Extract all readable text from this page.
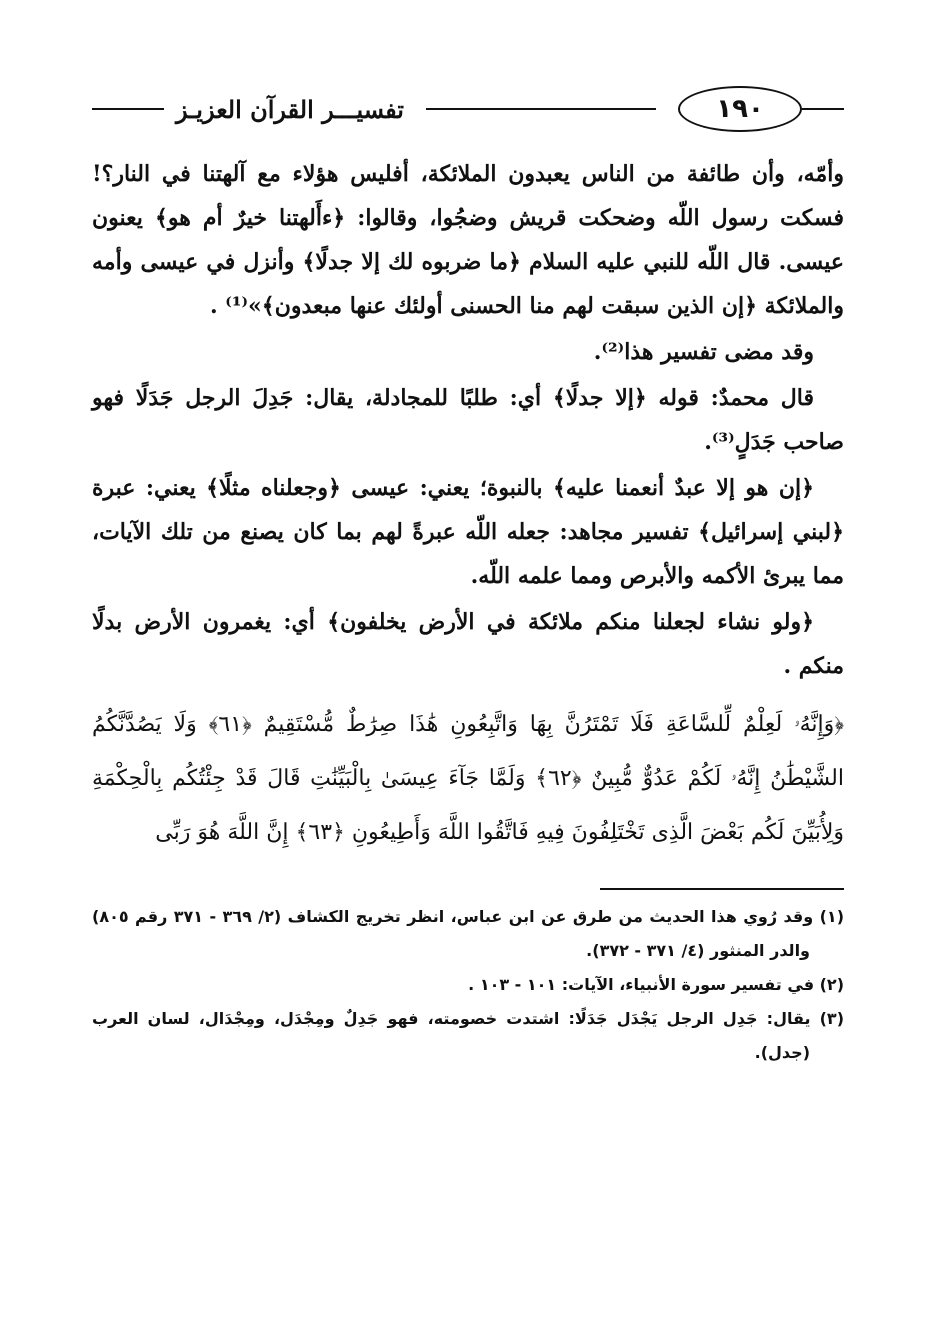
١٩٠
تفسيـــر القرآن العزيـز

وأمّه، وأن طائفة من الناس يعبدون الملائكة، أفليس هؤلاء مع آلهتنا في النار؟! فسكت رسول اللّه وضحكت قريش وضجُوا، وقالوا: ﴿ءأَلهتنا خيرٌ أم هو﴾ يعنون عيسى. قال اللّه للنبي عليه السلام ﴿ما ضربوه لك إلا جدلًا﴾ وأنزل في عيسى وأمه والملائكة ﴿إن الذين سبقت لهم منا الحسنى أولئك عنها مبعدون﴾»⁽¹⁾ .

وقد مضى تفسير هذا⁽²⁾.

قال محمدٌ: قوله ﴿إلا جدلًا﴾ أي: طلبًا للمجادلة، يقال: جَدِلَ الرجل جَدَلًا فهو صاحب جَدَلٍ⁽³⁾.

﴿إن هو إلا عبدٌ أنعمنا عليه﴾ بالنبوة؛ يعني: عيسى ﴿وجعلناه مثلًا﴾ يعني: عبرة ﴿لبني إسرائيل﴾ تفسير مجاهد: جعله اللّه عبرةً لهم بما كان يصنع من تلك الآيات، مما يبرئ الأكمه والأبرص ومما علمه اللّه.

﴿ولو نشاء لجعلنا منكم ملائكة في الأرض يخلفون﴾ أي: يغمرون الأرض بدلًا منكم .

﴿وَإِنَّهُۥ لَعِلْمٌ لِّلسَّاعَةِ فَلَا تَمْتَرُنَّ بِهَا وَاتَّبِعُونِ هَٰذَا صِرَٰطٌ مُّسْتَقِيمٌ ﴿٦١﴾ وَلَا يَصُدَّنَّكُمُ الشَّيْطَٰنُ إِنَّهُۥ لَكُمْ عَدُوٌّ مُّبِينٌ ﴿٦٢﴾ وَلَمَّا جَآءَ عِيسَىٰ بِالْبَيِّنَٰتِ قَالَ قَدْ جِئْتُكُم بِالْحِكْمَةِ وَلِأُبَيِّنَ لَكُم بَعْضَ الَّذِى تَخْتَلِفُونَ فِيهِ فَاتَّقُوا اللَّهَ وَأَطِيعُونِ ﴿٦٣﴾ إِنَّ اللَّهَ هُوَ رَبِّى

(١) وقد رُوي هذا الحديث من طرق عن ابن عباس، انظر تخريج الكشاف (٢/ ٣٦٩ - ٣٧١ رقم ٨٠٥) والدر المنثور (٤/ ٣٧١ - ٣٧٢).

(٢) في تفسير سورة الأنبياء، الآيات: ١٠١ - ١٠٣ .

(٣) يقال: جَدِل الرجل يَجْدَل جَدَلًا: اشتدت خصومته، فهو جَدِلٌ ومِجْدَل، ومِجْدَال، لسان العرب (جدل).
